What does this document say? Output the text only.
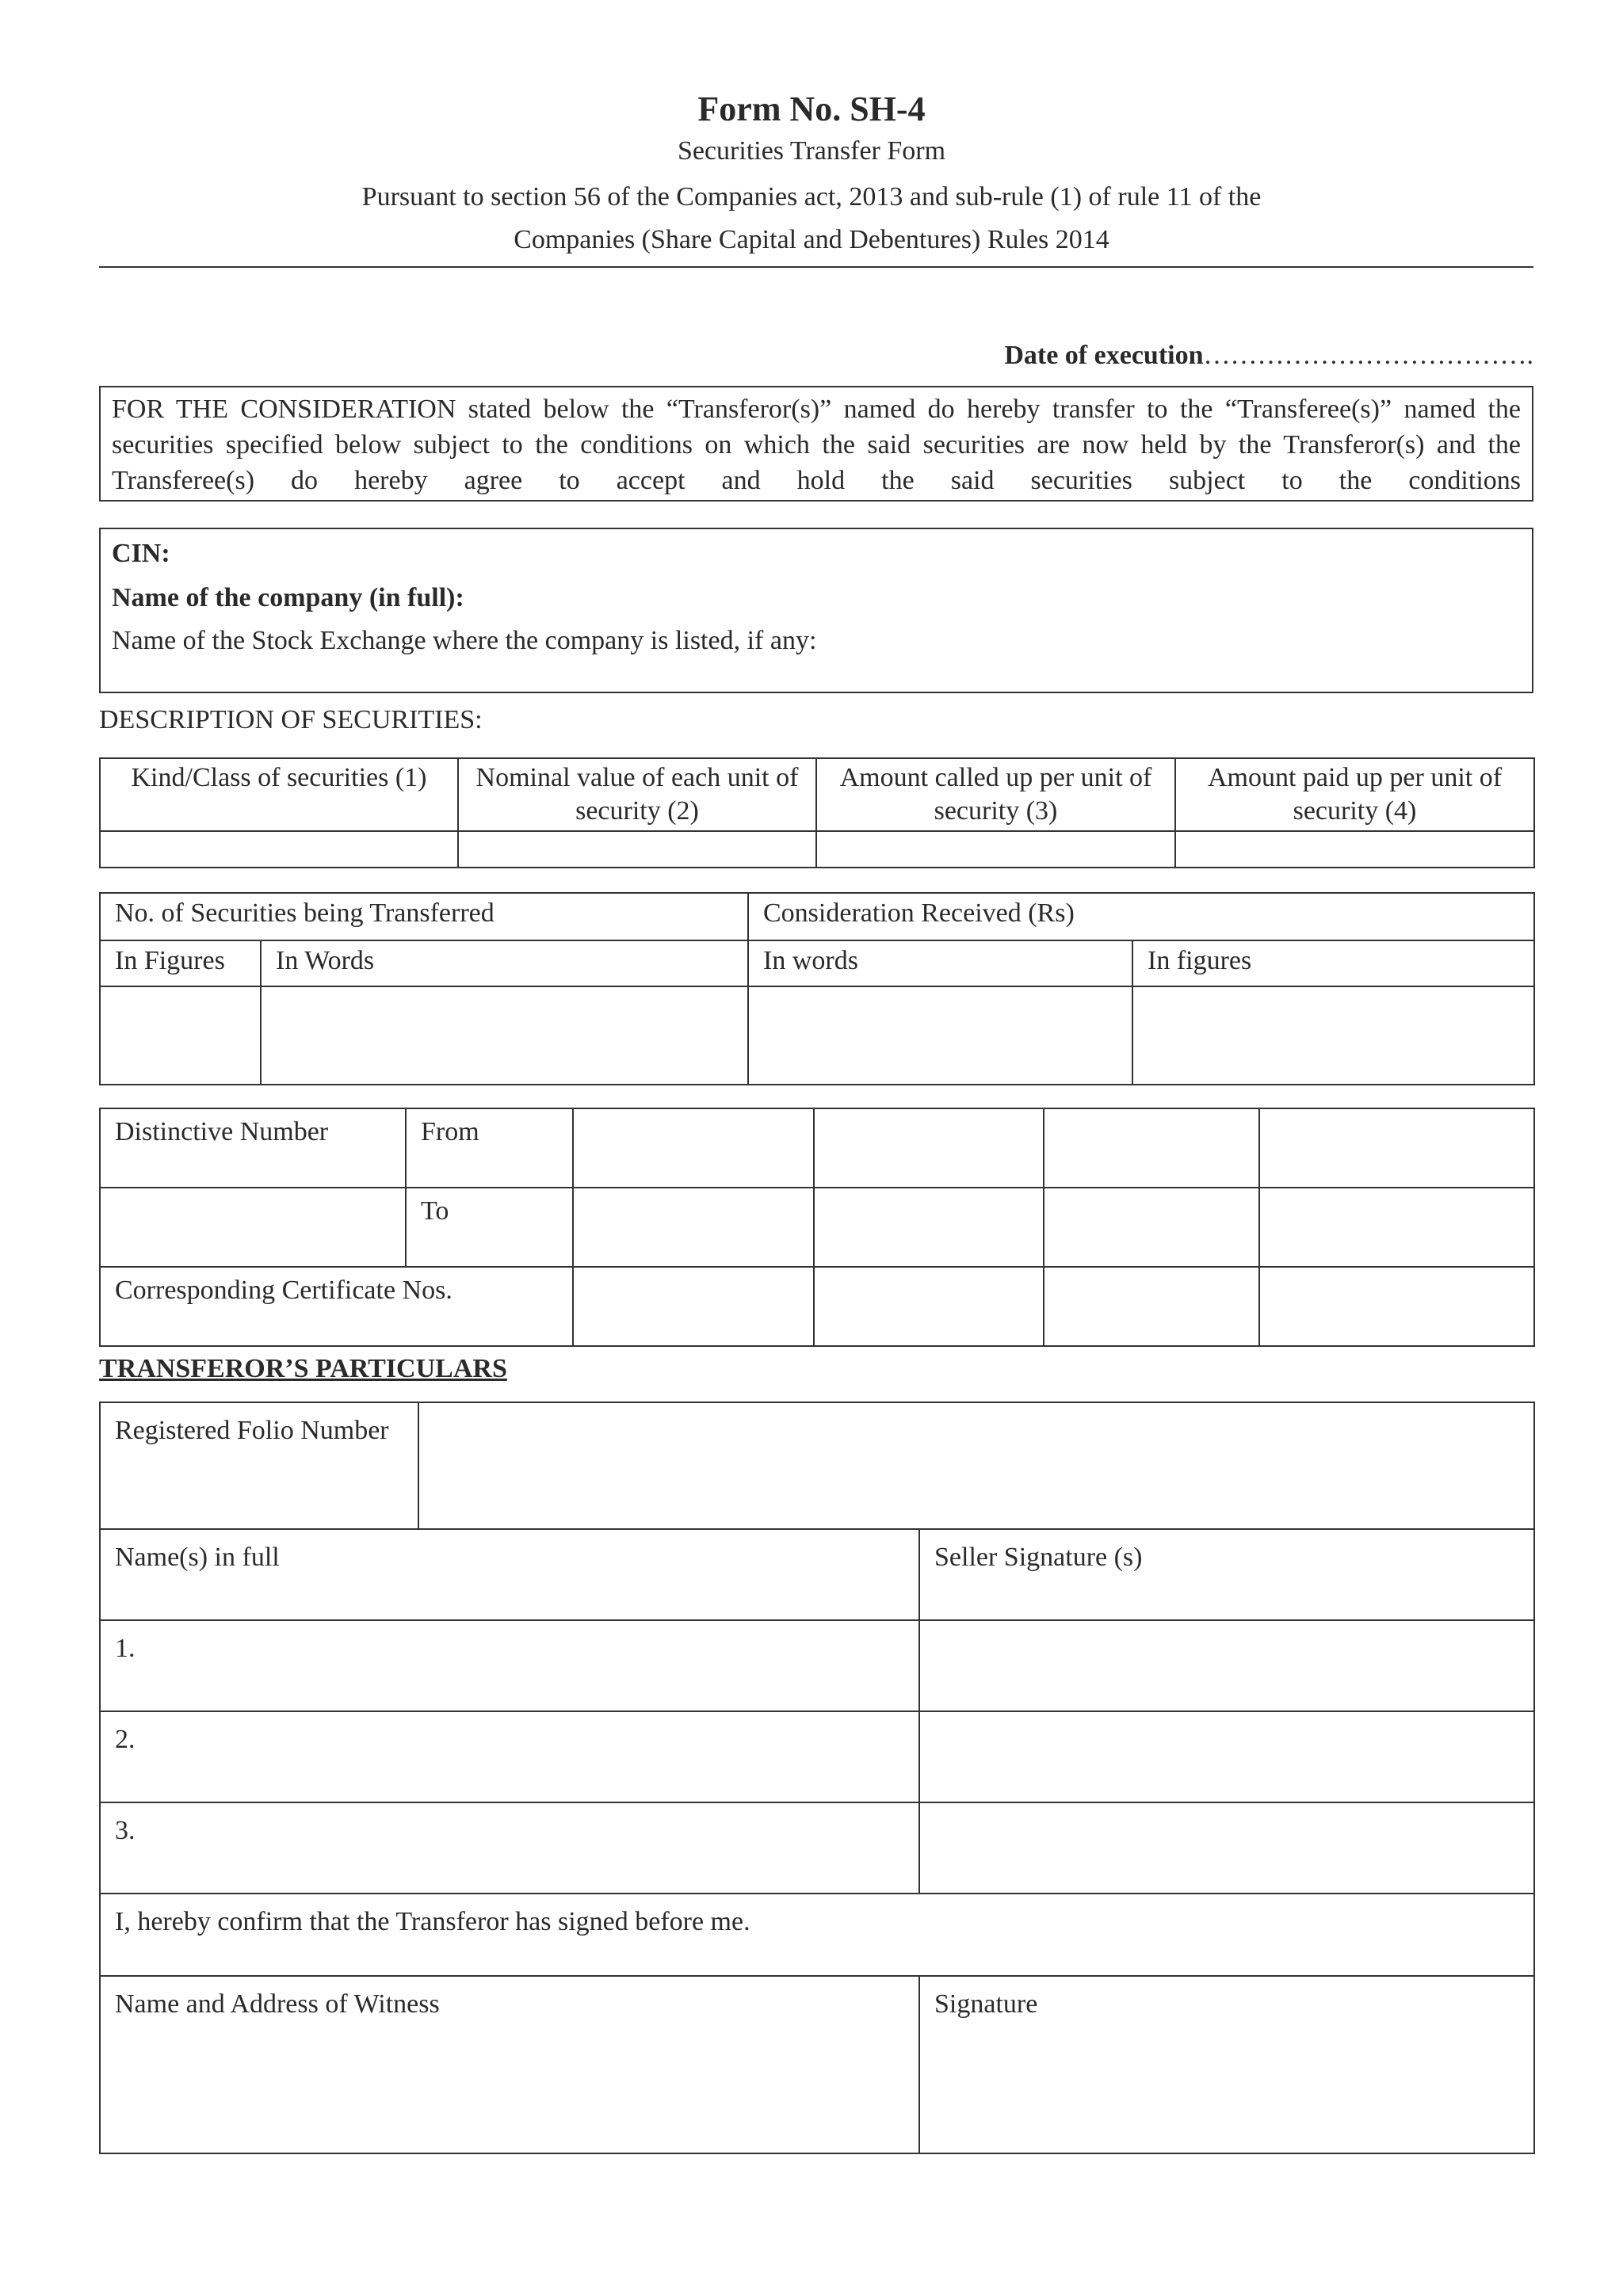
Form No. SH-4
Securities Transfer Form
Pursuant to section 56 of the Companies act, 2013 and sub-rule (1) of rule 11 of the
Companies (Share Capital and Debentures) Rules 2014
Date of execution……………………………….
FOR THE CONSIDERATION stated below the “Transferor(s)” named do hereby transfer to the “Transferee(s)” named the securities specified below subject to the conditions on which the said securities are now held by the Transferor(s) and the Transferee(s) do hereby agree to accept and hold the said securities subject to the conditions
CIN:
Name of the company (in full):
Name of the Stock Exchange where the company is listed, if any:
DESCRIPTION OF SECURITIES:
Kind/Class of securities (1)	Nominal value of each unit of security (2)	Amount called up per unit of security (3)	Amount paid up per unit of security (4)

No. of Securities being Transferred		Consideration Received (Rs)	
In Figures	In Words	In words	In figures

Distinctive Number	From				
	To				
Corresponding Certificate Nos.					
TRANSFEROR’S PARTICULARS
Registered Folio Number		
Name(s) in full		Seller Signature (s)
1.		
2.		
3.		
I, hereby confirm that the Transferor has signed before me.		
Name and Address of Witness		Signature
